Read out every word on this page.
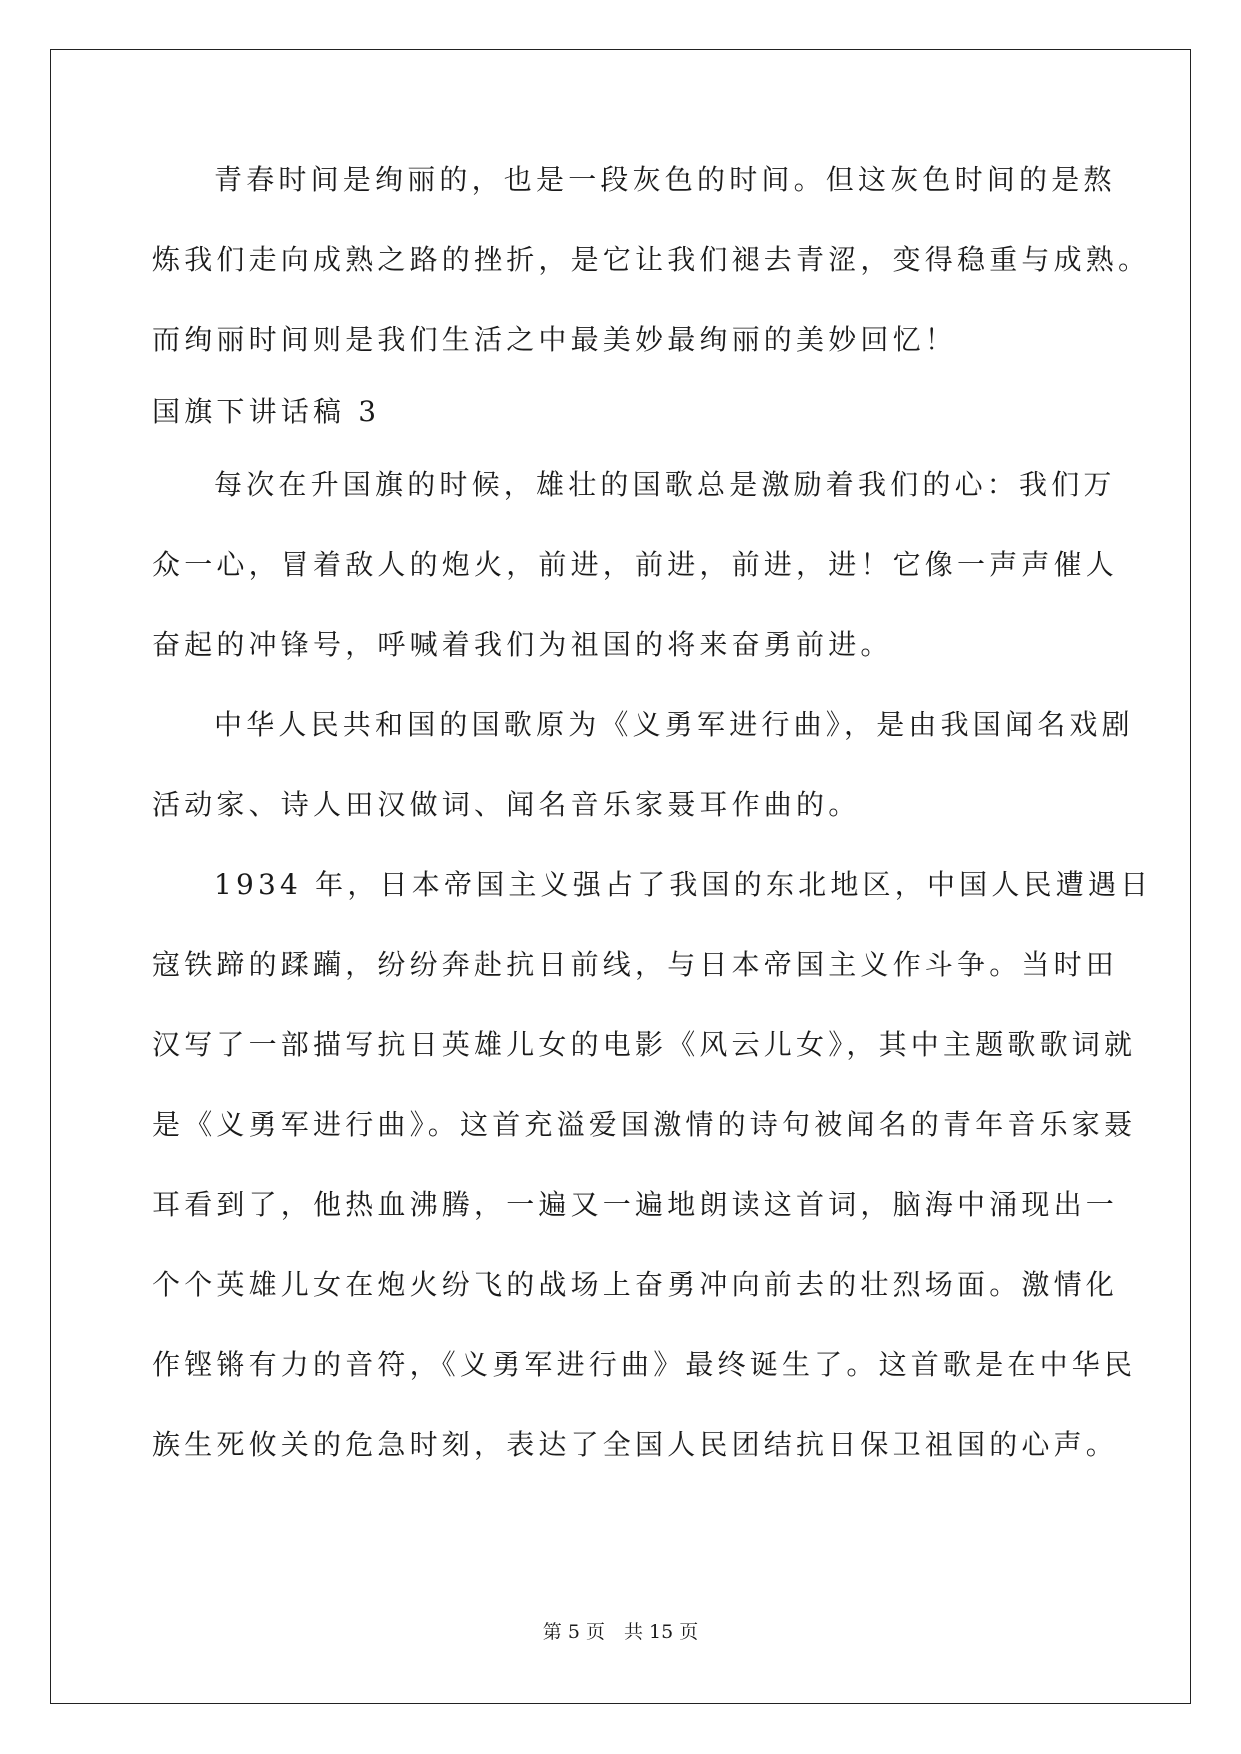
青春时间是绚丽的，也是一段灰色的时间。但这灰色时间的是熬
炼我们走向成熟之路的挫折，是它让我们褪去青涩，变得稳重与成熟。
而绚丽时间则是我们生活之中最美妙最绚丽的美妙回忆！
国旗下讲话稿 3
每次在升国旗的时候，雄壮的国歌总是激励着我们的心：我们万
众一心，冒着敌人的炮火，前进，前进，前进，进！它像一声声催人
奋起的冲锋号，呼喊着我们为祖国的将来奋勇前进。
中华人民共和国的国歌原为《义勇军进行曲》，是由我国闻名戏剧
活动家、诗人田汉做词、闻名音乐家聂耳作曲的。
1934 年，日本帝国主义强占了我国的东北地区，中国人民遭遇日
寇铁蹄的蹂躏，纷纷奔赴抗日前线，与日本帝国主义作斗争。当时田
汉写了一部描写抗日英雄儿女的电影《风云儿女》，其中主题歌歌词就
是《义勇军进行曲》。这首充溢爱国激情的诗句被闻名的青年音乐家聂
耳看到了，他热血沸腾，一遍又一遍地朗读这首词，脑海中涌现出一
个个英雄儿女在炮火纷飞的战场上奋勇冲向前去的壮烈场面。激情化
作铿锵有力的音符，《义勇军进行曲》最终诞生了。这首歌是在中华民
族生死攸关的危急时刻，表达了全国人民团结抗日保卫祖国的心声。
第 5 页　共 15 页
